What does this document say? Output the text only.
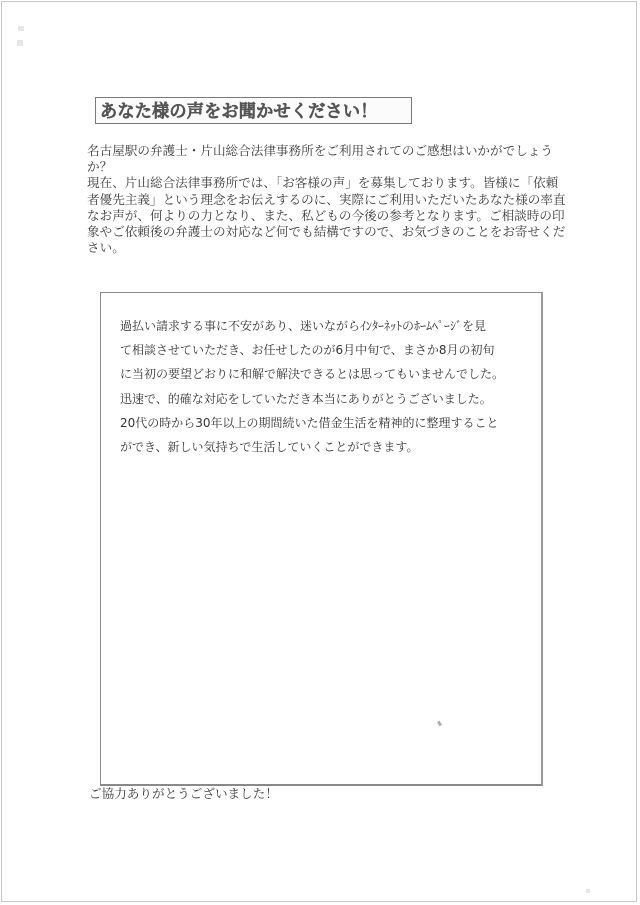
あなた様の声をお聞かせください！

名古屋駅の弁護士・片山総合法律事務所をご利用されてのご感想はいかがでしょうか？

現在、片山総合法律事務所では、「お客様の声」を募集しております。皆様に「依頼者優先主義」という理念をお伝えするのに、実際にご利用いただいたあなた様の率直なお声が、何よりの力となり、また、私どもの今後の参考となります。ご相談時の印象やご依頼後の弁護士の対応など何でも結構ですので、お気づきのことをお寄せください。

過払い請求する事に不安があり、迷いながらｲﾝﾀｰﾈｯﾄのﾎｰﾑﾍﾟｰｼﾞを見
て相談させていただき、お任せしたのが6月中旬で、まさか8月の初旬
に当初の要望どおりに和解で解決できるとは思ってもいませんでした。
迅速で、的確な対応をしていただき本当にありがとうございました。
20代の時から30年以上の期間続いた借金生活を精神的に整理すること
ができ、新しい気持ちで生活していくことができます。
ご協力ありがとうございました！
